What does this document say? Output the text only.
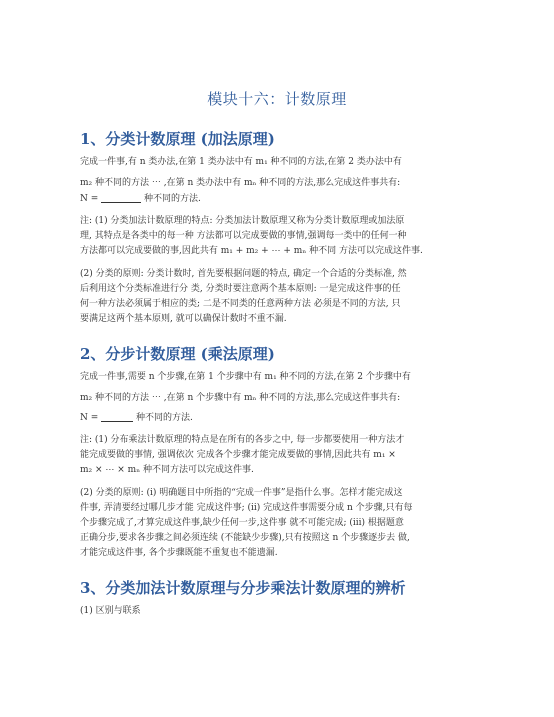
模块十六：计数原理
1、分类计数原理 (加法原理)
完成一件事,有 n 类办法,在第 1 类办法中有 m₁ 种不同的方法,在第 2 类办法中有
m₂ 种不同的方法 ⋯ ,在第 n 类办法中有 mₙ 种不同的方法,那么完成这件事共有:
N =	种不同的方法.
注: (1) 分类加法计数原理的特点: 分类加法计数原理又称为分类计数原理或加法原
理, 其特点是各类中的每一种 方法都可以完成要做的事情,强调每一类中的任何一种
方法都可以完成要做的事,因此共有 m₁ + m₂ + ⋯ + mₙ 种不同 方法可以完成这件事.
(2) 分类的原则: 分类计数时, 首先要根据问题的特点, 确定一个合适的分类标准, 然
后利用这个分类标准进行分 类, 分类时要注意两个基本原则: 一是完成这件事的任
何一种方法必须属于相应的类; 二是不同类的任意两种方法 必须是不同的方法, 只
要满足这两个基本原则, 就可以确保计数时不重不漏.
2、分步计数原理 (乘法原理)
完成一件事,需要 n 个步骤,在第 1 个步骤中有 m₁ 种不同的方法,在第 2 个步骤中有
m₂ 种不同的方法 ⋯ ,在第 n 个步骤中有 mₙ 种不同的方法,那么完成这件事共有:
N =	种不同的方法.
注: (1) 分布乘法计数原理的特点是在所有的各步之中, 每一步都要使用一种方法才
能完成要做的事情, 强调依次 完成各个步骤才能完成要做的事情,因此共有 m₁ ×
m₂ × ⋯ × mₙ 种不同方法可以完成这件事.
(2) 分类的原则: (i) 明确题目中所指的“完成一件事”是指什么事。怎样才能完成这
件事, 弄清要经过哪几步才能 完成这件事; (ii) 完成这件事需要分成 n 个步骤,只有每
个步骤完成了,才算完成这件事,缺少任何一步,这件事 就不可能完成; (iii) 根据题意
正确分步,要求各步骤之间必须连续 (不能缺少步骤),只有按照这 n 个步骤逐步去 做,
才能完成这件事, 各个步骤既能不重复也不能遗漏.
3、分类加法计数原理与分步乘法计数原理的辨析
(1) 区别与联系
